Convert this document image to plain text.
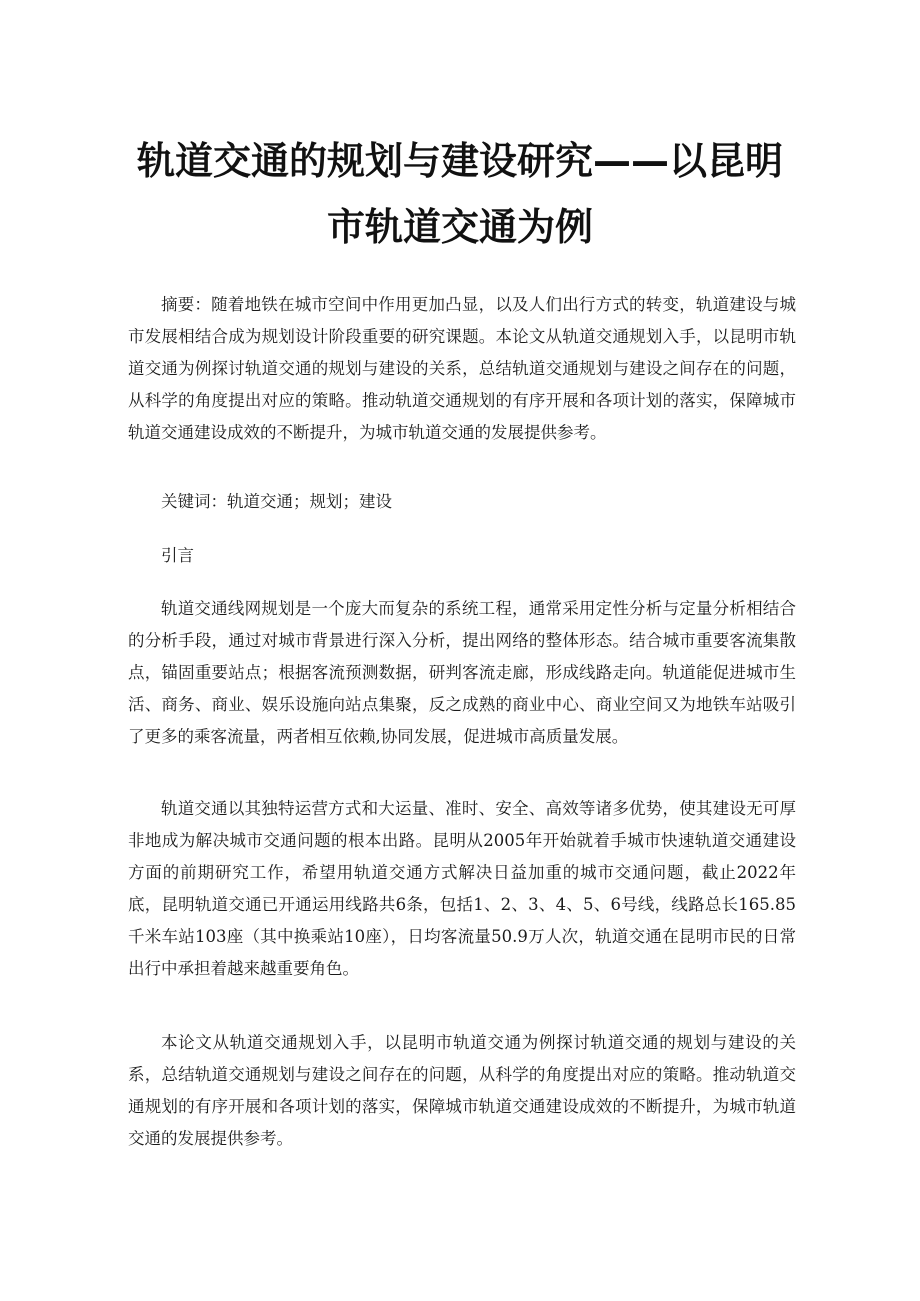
轨道交通的规划与建设研究——以昆明
市轨道交通为例

摘要：随着地铁在城市空间中作用更加凸显，以及人们出行方式的转变，轨道建设与城市发展相结合成为规划设计阶段重要的研究课题。本论文从轨道交通规划入手，以昆明市轨道交通为例探讨轨道交通的规划与建设的关系，总结轨道交通规划与建设之间存在的问题，从科学的角度提出对应的策略。推动轨道交通规划的有序开展和各项计划的落实，保障城市轨道交通建设成效的不断提升，为城市轨道交通的发展提供参考。

关键词：轨道交通；规划；建设

引言

轨道交通线网规划是一个庞大而复杂的系统工程，通常采用定性分析与定量分析相结合的分析手段，通过对城市背景进行深入分析，提出网络的整体形态。结合城市重要客流集散点，锚固重要站点；根据客流预测数据，研判客流走廊，形成线路走向。轨道能促进城市生活、商务、商业、娱乐设施向站点集聚，反之成熟的商业中心、商业空间又为地铁车站吸引了更多的乘客流量，两者相互依赖,协同发展，促进城市高质量发展。

轨道交通以其独特运营方式和大运量、准时、安全、高效等诸多优势，使其建设无可厚非地成为解决城市交通问题的根本出路。昆明从2005年开始就着手城市快速轨道交通建设方面的前期研究工作，希望用轨道交通方式解决日益加重的城市交通问题，截止2022年底，昆明轨道交通已开通运用线路共6条，包括1、2、3、4、5、6号线，线路总长165.85千米车站103座（其中换乘站10座），日均客流量50.9万人次，轨道交通在昆明市民的日常出行中承担着越来越重要角色。

本论文从轨道交通规划入手，以昆明市轨道交通为例探讨轨道交通的规划与建设的关系，总结轨道交通规划与建设之间存在的问题，从科学的角度提出对应的策略。推动轨道交通规划的有序开展和各项计划的落实，保障城市轨道交通建设成效的不断提升，为城市轨道交通的发展提供参考。
